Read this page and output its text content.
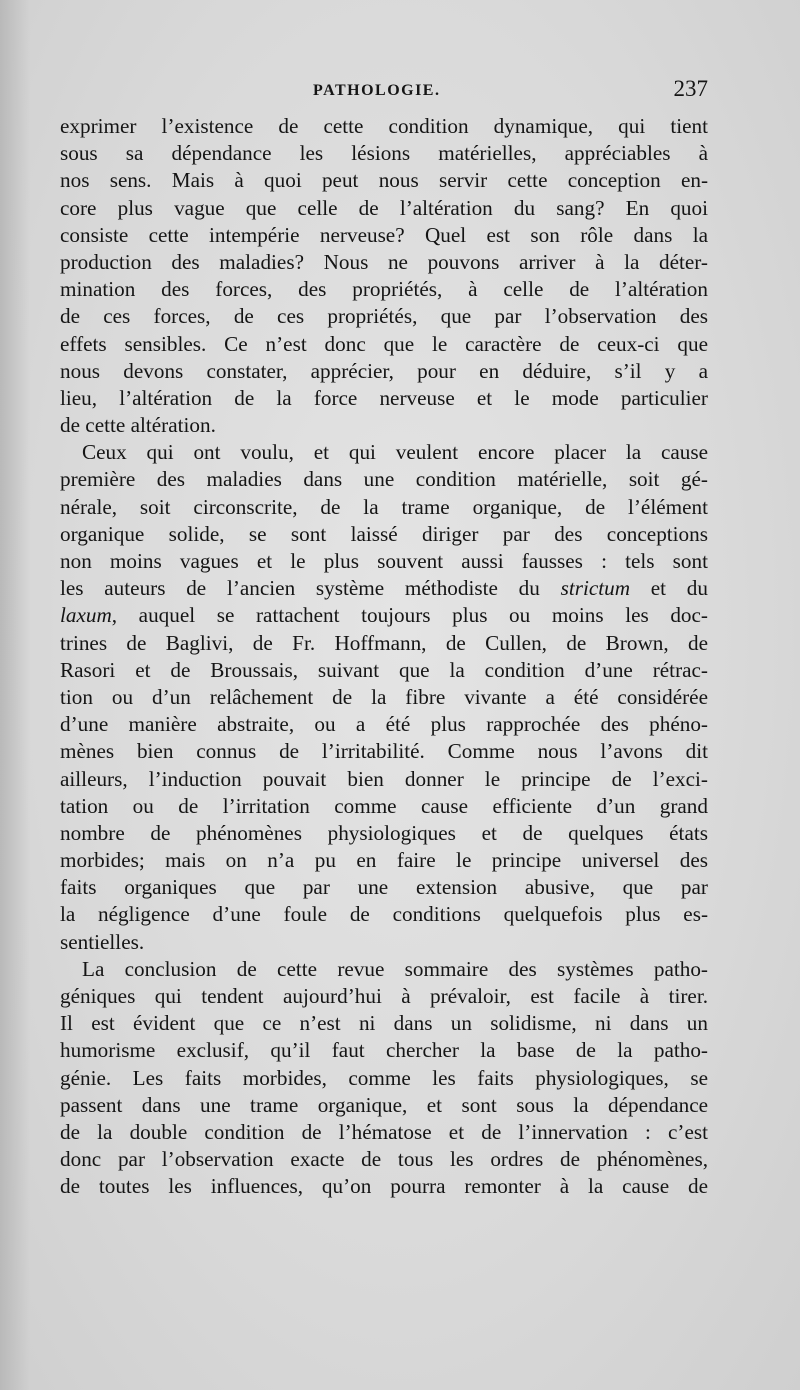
PATHOLOGIE.	237
exprimer l’existence de cette condition dynamique, qui tient
sous sa dépendance les lésions matérielles, appréciables à
nos sens. Mais à quoi peut nous servir cette conception en-
core plus vague que celle de l’altération du sang? En quoi
consiste cette intempérie nerveuse? Quel est son rôle dans la
production des maladies? Nous ne pouvons arriver à la déter-
mination des forces, des propriétés, à celle de l’altération
de ces forces, de ces propriétés, que par l’observation des
effets sensibles. Ce n’est donc que le caractère de ceux-ci que
nous devons constater, apprécier, pour en déduire, s’il y a
lieu, l’altération de la force nerveuse et le mode particulier
de cette altération.
Ceux qui ont voulu, et qui veulent encore placer la cause
première des maladies dans une condition matérielle, soit gé-
nérale, soit circonscrite, de la trame organique, de l’élément
organique solide, se sont laissé diriger par des conceptions
non moins vagues et le plus souvent aussi fausses : tels sont
les auteurs de l’ancien système méthodiste du strictum et du
laxum, auquel se rattachent toujours plus ou moins les doc-
trines de Baglivi, de Fr. Hoffmann, de Cullen, de Brown, de
Rasori et de Broussais, suivant que la condition d’une rétrac-
tion ou d’un relâchement de la fibre vivante a été considérée
d’une manière abstraite, ou a été plus rapprochée des phéno-
mènes bien connus de l’irritabilité. Comme nous l’avons dit
ailleurs, l’induction pouvait bien donner le principe de l’exci-
tation ou de l’irritation comme cause efficiente d’un grand
nombre de phénomènes physiologiques et de quelques états
morbides; mais on n’a pu en faire le principe universel des
faits organiques que par une extension abusive, que par
la négligence d’une foule de conditions quelquefois plus es-
sentielles.
La conclusion de cette revue sommaire des systèmes patho-
géniques qui tendent aujourd’hui à prévaloir, est facile à tirer.
Il est évident que ce n’est ni dans un solidisme, ni dans un
humorisme exclusif, qu’il faut chercher la base de la patho-
génie. Les faits morbides, comme les faits physiologiques, se
passent dans une trame organique, et sont sous la dépendance
de la double condition de l’hématose et de l’innervation : c’est
donc par l’observation exacte de tous les ordres de phénomènes,
de toutes les influences, qu’on pourra remonter à la cause de
